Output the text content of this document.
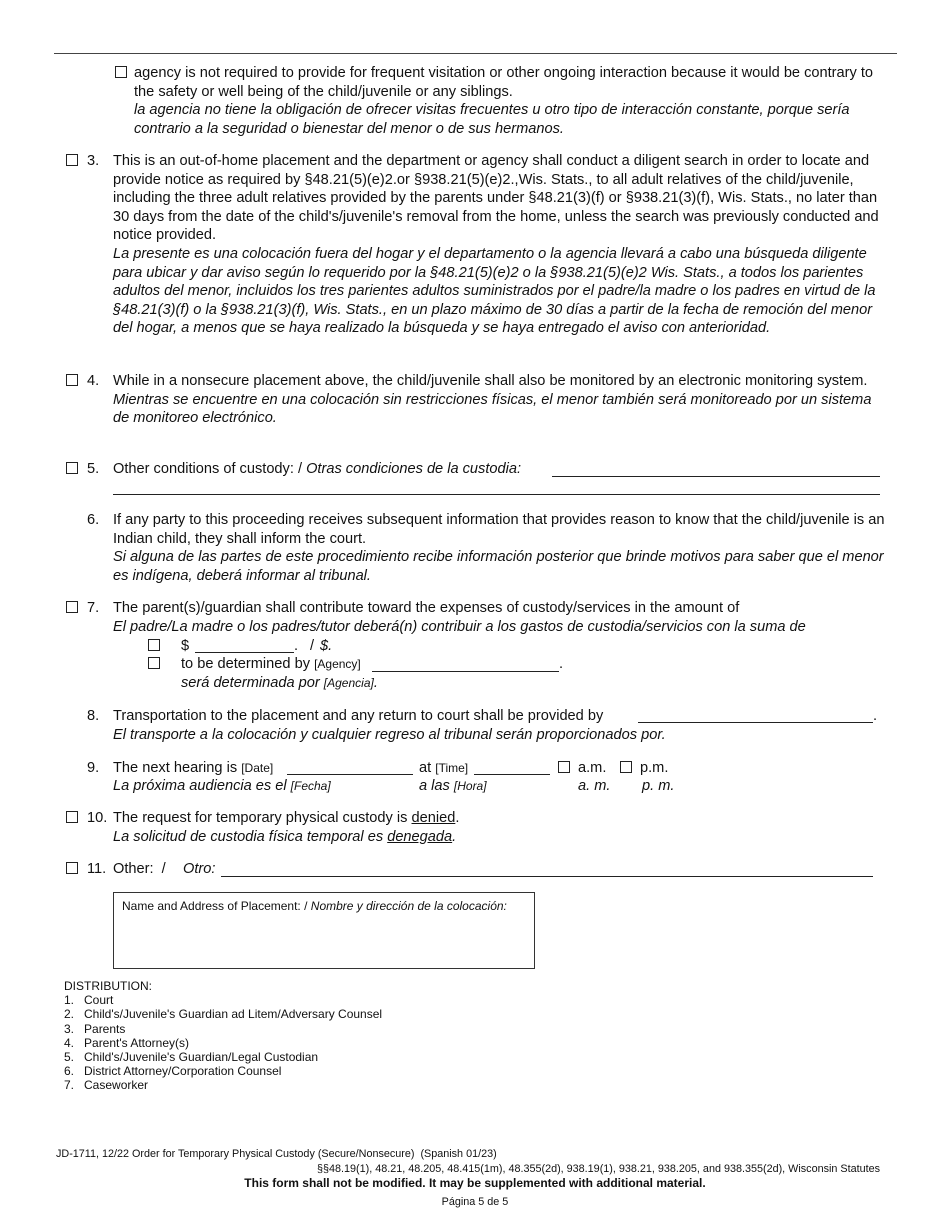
agency is not required to provide for frequent visitation or other ongoing interaction because it would be contrary to the safety or well being of the child/juvenile or any siblings.
la agencia no tiene la obligación de ofrecer visitas frecuentes u otro tipo de interacción constante, porque sería contrario a la seguridad o bienestar del menor o de sus hermanos.
3. This is an out-of-home placement and the department or agency shall conduct a diligent search in order to locate and provide notice as required by §48.21(5)(e)2.or §938.21(5)(e)2.,Wis. Stats., to all adult relatives of the child/juvenile, including the three adult relatives provided by the parents under §48.21(3)(f) or §938.21(3)(f), Wis. Stats., no later than 30 days from the date of the child's/juvenile's removal from the home, unless the search was previously conducted and notice provided.
La presente es una colocación fuera del hogar y el departamento o la agencia llevará a cabo una búsqueda diligente para ubicar y dar aviso según lo requerido por la §48.21(5)(e)2 o la §938.21(5)(e)2 Wis. Stats., a todos los parientes adultos del menor, incluidos los tres parientes adultos suministrados por el padre/la madre o los padres en virtud de la §48.21(3)(f) o la §938.21(3)(f), Wis. Stats., en un plazo máximo de 30 días a partir de la fecha de remoción del menor del hogar, a menos que se haya realizado la búsqueda y se haya entregado el aviso con anterioridad.
4. While in a nonsecure placement above, the child/juvenile shall also be monitored by an electronic monitoring system.
Mientras se encuentre en una colocación sin restricciones físicas, el menor también será monitoreado por un sistema de monitoreo electrónico.
5. Other conditions of custody: / Otras condiciones de la custodia:
6. If any party to this proceeding receives subsequent information that provides reason to know that the child/juvenile is an Indian child, they shall inform the court.
Si alguna de las partes de este procedimiento recibe información posterior que brinde motivos para saber que el menor es indígena, deberá informar al tribunal.
7. The parent(s)/guardian shall contribute toward the expenses of custody/services in the amount of
El padre/La madre o los padres/tutor deberá(n) contribuir a los gastos de custodia/servicios con la suma de
$	. / $.
to be determined by [Agency]	.
será determinada por [Agencia].
8. Transportation to the placement and any return to court shall be provided by	.
El transporte a la colocación y cualquier regreso al tribunal serán proporcionados por.
9. The next hearing is [Date]	at [Time]	a.m. p.m.
La próxima audiencia es el [Fecha]	a las [Hora]	a. m. p. m.
10. The request for temporary physical custody is denied.
La solicitud de custodia física temporal es denegada.
11. Other:  / Otro:
Name and Address of Placement: / Nombre y dirección de la colocación:
DISTRIBUTION:
1.   Court
2.   Child's/Juvenile's Guardian ad Litem/Adversary Counsel
3.   Parents
4.   Parent's Attorney(s)
5.   Child's/Juvenile's Guardian/Legal Custodian
6.   District Attorney/Corporation Counsel
7.   Caseworker
JD-1711, 12/22 Order for Temporary Physical Custody (Secure/Nonsecure)  (Spanish 01/23)
§§48.19(1), 48.21, 48.205, 48.415(1m), 48.355(2d), 938.19(1), 938.21, 938.205, and 938.355(2d), Wisconsin Statutes
This form shall not be modified. It may be supplemented with additional material.
Página 5 de 5
